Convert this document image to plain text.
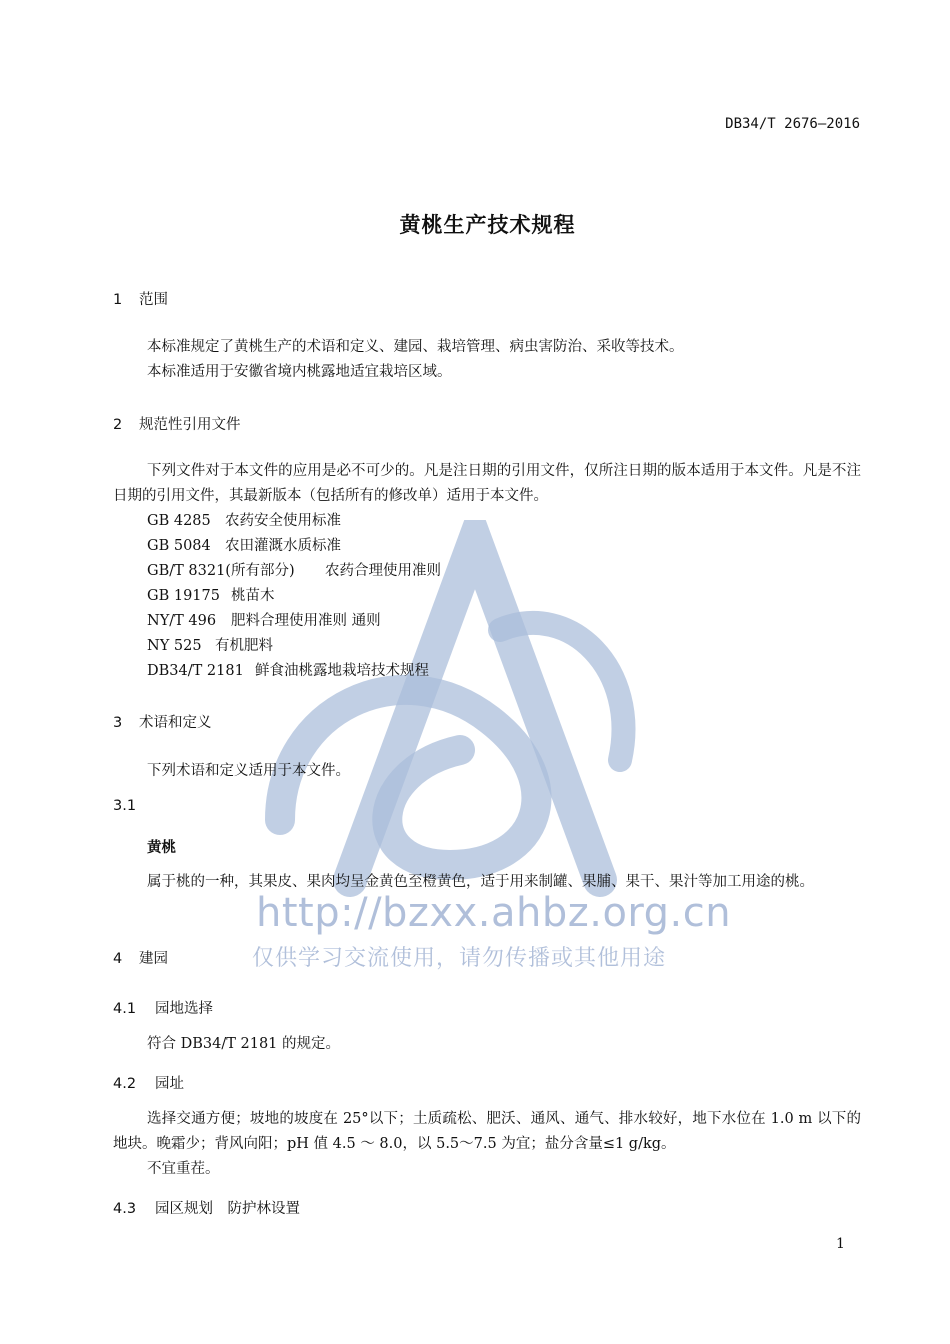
DB34/T 2676—2016
黄桃生产技术规程
1 范围
本标准规定了黄桃生产的术语和定义、建园、栽培管理、病虫害防治、采收等技术。
本标准适用于安徽省境内桃露地适宜栽培区域。
2 规范性引用文件
下列文件对于本文件的应用是必不可少的。凡是注日期的引用文件，仅所注日期的版本适用于本文件。凡是不注日期的引用文件，其最新版本（包括所有的修改单）适用于本文件。
GB 4285 农药安全使用标准
GB 5084 农田灌溉水质标准
GB/T 8321(所有部分) 农药合理使用准则
GB 19175 桃苗木
NY/T 496 肥料合理使用准则 通则
NY 525 有机肥料
DB34/T 2181 鲜食油桃露地栽培技术规程
3 术语和定义
下列术语和定义适用于本文件。
3.1
黄桃
属于桃的一种，其果皮、果肉均呈金黄色至橙黄色，适于用来制罐、果脯、果干、果汁等加工用途的桃。
4 建园
4.1 园地选择
符合 DB34/T 2181 的规定。
4.2 园址
选择交通方便；坡地的坡度在 25°以下；土质疏松、肥沃、通风、通气、排水较好，地下水位在 1.0 m 以下的地块。晚霜少；背风向阳；pH 值 4.5 ～ 8.0，以 5.5～7.5 为宜；盐分含量≤1 g/kg。
不宜重茬。
4.3 园区规划　防护林设置
http://bzxx.ahbz.org.cn
仅供学习交流使用，请勿传播或其他用途
1
